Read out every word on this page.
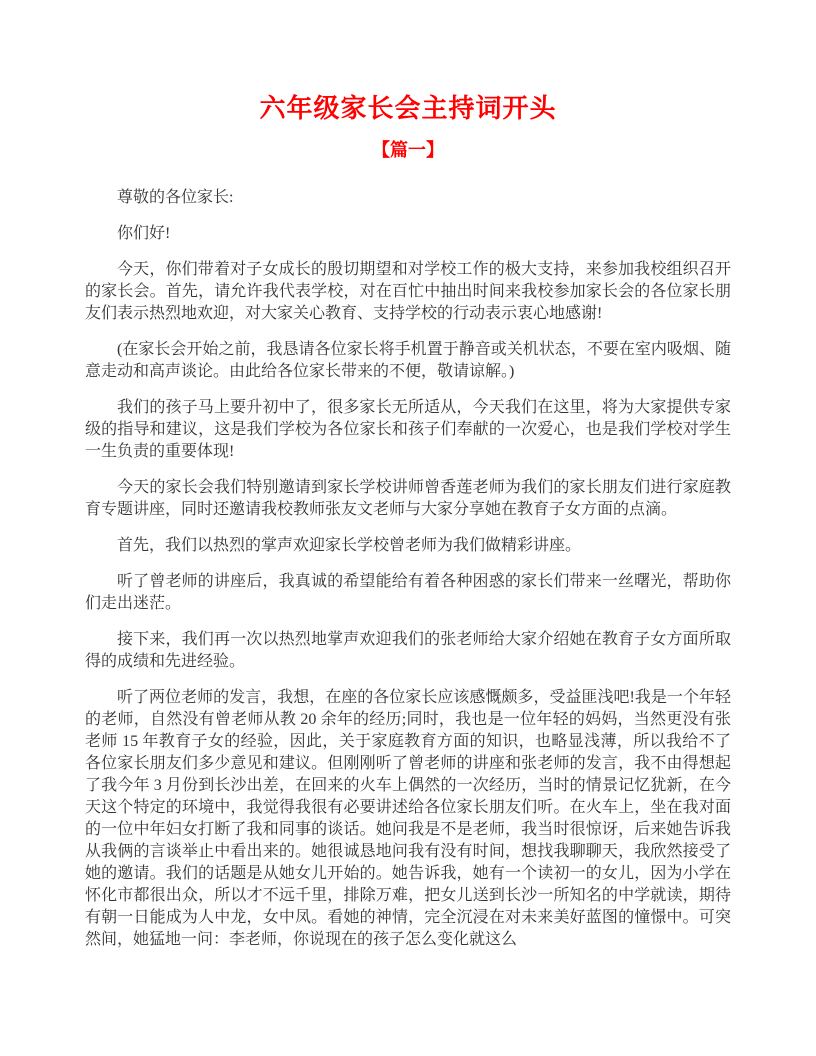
六年级家长会主持词开头
【篇一】

尊敬的各位家长:

你们好!

今天，你们带着对子女成长的殷切期望和对学校工作的极大支持，来参加我校组织召开的家长会。首先，请允许我代表学校，对在百忙中抽出时间来我校参加家长会的各位家长朋友们表示热烈地欢迎，对大家关心教育、支持学校的行动表示衷心地感谢!

(在家长会开始之前，我恳请各位家长将手机置于静音或关机状态，不要在室内吸烟、随意走动和高声谈论。由此给各位家长带来的不便，敬请谅解。)

我们的孩子马上要升初中了，很多家长无所适从，今天我们在这里，将为大家提供专家级的指导和建议，这是我们学校为各位家长和孩子们奉献的一次爱心，也是我们学校对学生一生负责的重要体现!

今天的家长会我们特别邀请到家长学校讲师曾香莲老师为我们的家长朋友们进行家庭教育专题讲座，同时还邀请我校教师张友文老师与大家分享她在教育子女方面的点滴。

首先，我们以热烈的掌声欢迎家长学校曾老师为我们做精彩讲座。

听了曾老师的讲座后，我真诚的希望能给有着各种困惑的家长们带来一丝曙光，帮助你们走出迷茫。

接下来，我们再一次以热烈地掌声欢迎我们的张老师给大家介绍她在教育子女方面所取得的成绩和先进经验。

听了两位老师的发言，我想，在座的各位家长应该感慨颇多，受益匪浅吧!我是一个年轻的老师，自然没有曾老师从教 20 余年的经历;同时，我也是一位年轻的妈妈，当然更没有张老师 15 年教育子女的经验，因此，关于家庭教育方面的知识，也略显浅薄，所以我给不了各位家长朋友们多少意见和建议。但刚刚听了曾老师的讲座和张老师的发言，我不由得想起了我今年 3 月份到长沙出差，在回来的火车上偶然的一次经历，当时的情景记忆犹新，在今天这个特定的环境中，我觉得我很有必要讲述给各位家长朋友们听。在火车上，坐在我对面的一位中年妇女打断了我和同事的谈话。她问我是不是老师，我当时很惊讶，后来她告诉我从我俩的言谈举止中看出来的。她很诚恳地问我有没有时间，想找我聊聊天，我欣然接受了她的邀请。我们的话题是从她女儿开始的。她告诉我，她有一个读初一的女儿，因为小学在怀化市都很出众，所以才不远千里，排除万难，把女儿送到长沙一所知名的中学就读，期待有朝一日能成为人中龙，女中凤。看她的神情，完全沉浸在对未来美好蓝图的憧憬中。可突然间，她猛地一问：李老师，你说现在的孩子怎么变化就这么
